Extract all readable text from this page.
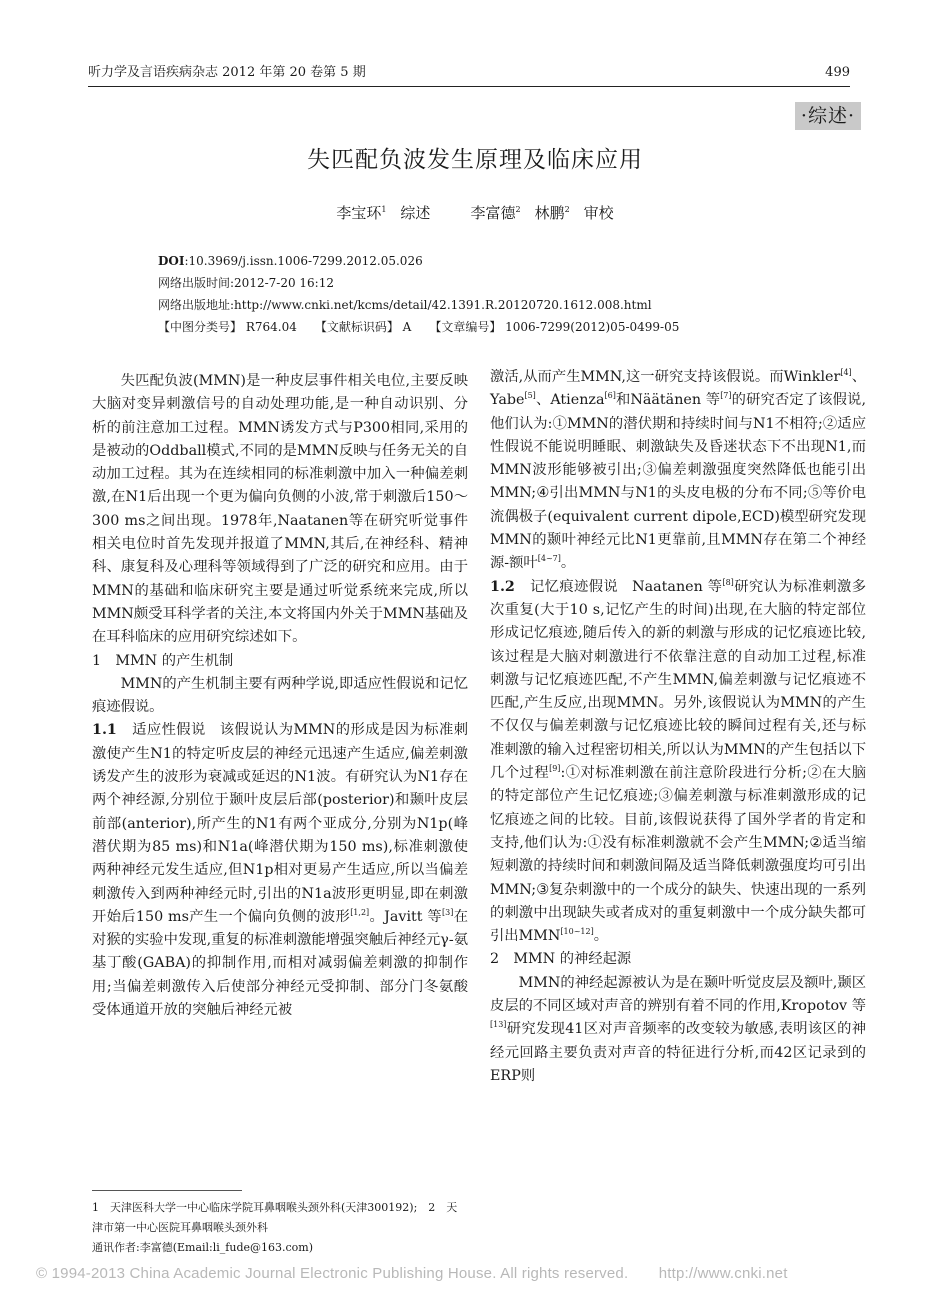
听力学及言语疾病杂志 2012 年第 20 卷第 5 期	499
·综述·
失匹配负波发生原理及临床应用
李宝环$^1$ 综述	李富德$^2$ 林鹏$^2$ 审校
DOI:10.3969/j.issn.1006-7299.2012.05.026
网络出版时间:2012-7-20 16:12
网络出版地址:http://www.cnki.net/kcms/detail/42.1391.R.20120720.1612.008.html
【中图分类号】 R764.04 【文献标识码】 A 【文章编号】 1006-7299(2012)05-0499-05

失匹配负波(MMN)是一种皮层事件相关电位,主要反映大脑对变异刺激信号的自动处理功能,是一种自动识别、分析的前注意加工过程。MMN诱发方式与P300相同,采用的是被动的Oddball模式,不同的是MMN反映与任务无关的自动加工过程。其为在连续相同的标准刺激中加入一种偏差刺激,在N1后出现一个更为偏向负侧的小波,常于刺激后150～300 ms之间出现。1978年,Naatanen等在研究听觉事件相关电位时首先发现并报道了MMN,其后,在神经科、精神科、康复科及心理科等领域得到了广泛的研究和应用。由于MMN的基础和临床研究主要是通过听觉系统来完成,所以MMN颇受耳科学者的关注,本文将国内外关于MMN基础及在耳科临床的应用研究综述如下。

1　MMN 的产生机制

MMN的产生机制主要有两种学说,即适应性假说和记忆痕迹假说。

1.1　 适应性假说 该假说认为MMN的形成是因为标准刺激使产生N1的特定听皮层的神经元迅速产生适应,偏差刺激诱发产生的波形为衰减或延迟的N1波。有研究认为N1存在两个神经源,分别位于颞叶皮层后部(posterior)和颞叶皮层前部(anterior),所产生的N1有两个亚成分,分别为N1p(峰潜伏期为85 ms)和N1a(峰潜伏期为150 ms),标准刺激使两种神经元发生适应,但N1p相对更易产生适应,所以当偏差刺激传入到两种神经元时,引出的N1a波形更明显,即在刺激开始后150 ms产生一个偏向负侧的波形[1,2]。Javitt 等[3]在对猴的实验中发现,重复的标准刺激能增强突触后神经元γ-氨基丁酸(GABA)的抑制作用,而相对减弱偏差刺激的抑制作用;当偏差刺激传入后使部分神经元受抑制、部分门冬氨酸受体通道开放的突触后神经元被

激活,从而产生MMN,这一研究支持该假说。而Winkler[4]、Yabe[5]、Atienza[6]和Näätänen 等[7]的研究否定了该假说,他们认为:①MMN的潜伏期和持续时间与N1不相符;②适应性假说不能说明睡眠、刺激缺失及昏迷状态下不出现N1,而MMN波形能够被引出;③偏差刺激强度突然降低也能引出MMN;④引出MMN与N1的头皮电极的分布不同;⑤等价电流偶极子(equivalent current dipole,ECD)模型研究发现MMN的颞叶神经元比N1更靠前,且MMN存在第二个神经源-额叶[4~7]。

1.2　 记忆痕迹假说 Naatanen 等[8]研究认为标准刺激多次重复(大于10 s,记忆产生的时间)出现,在大脑的特定部位形成记忆痕迹,随后传入的新的刺激与形成的记忆痕迹比较,该过程是大脑对刺激进行不依靠注意的自动加工过程,标准刺激与记忆痕迹匹配,不产生MMN,偏差刺激与记忆痕迹不匹配,产生反应,出现MMN。另外,该假说认为MMN的产生不仅仅与偏差刺激与记忆痕迹比较的瞬间过程有关,还与标准刺激的输入过程密切相关,所以认为MMN的产生包括以下几个过程[9]:①对标准刺激在前注意阶段进行分析;②在大脑的特定部位产生记忆痕迹;③偏差刺激与标准刺激形成的记忆痕迹之间的比较。目前,该假说获得了国外学者的肯定和支持,他们认为:①没有标准刺激就不会产生MMN;②适当缩短刺激的持续时间和刺激间隔及适当降低刺激强度均可引出MMN;③复杂刺激中的一个成分的缺失、快速出现的一系列的刺激中出现缺失或者成对的重复刺激中一个成分缺失都可引出MMN[10~12]。

2　MMN 的神经起源

MMN的神经起源被认为是在颞叶听觉皮层及额叶,颞区皮层的不同区域对声音的辨别有着不同的作用,Kropotov 等[13]研究发现41区对声音频率的改变较为敏感,表明该区的神经元回路主要负责对声音的特征进行分析,而42区记录到的ERP则

1　天津医科大学一中心临床学院耳鼻咽喉头颈外科(天津300192);　2　天津市第一中心医院耳鼻咽喉头颈外科
通讯作者:李富德(Email:li_fude@163.com)
© 1994-2013 China Academic Journal Electronic Publishing House. All rights reserved.　　http://www.cnki.net
